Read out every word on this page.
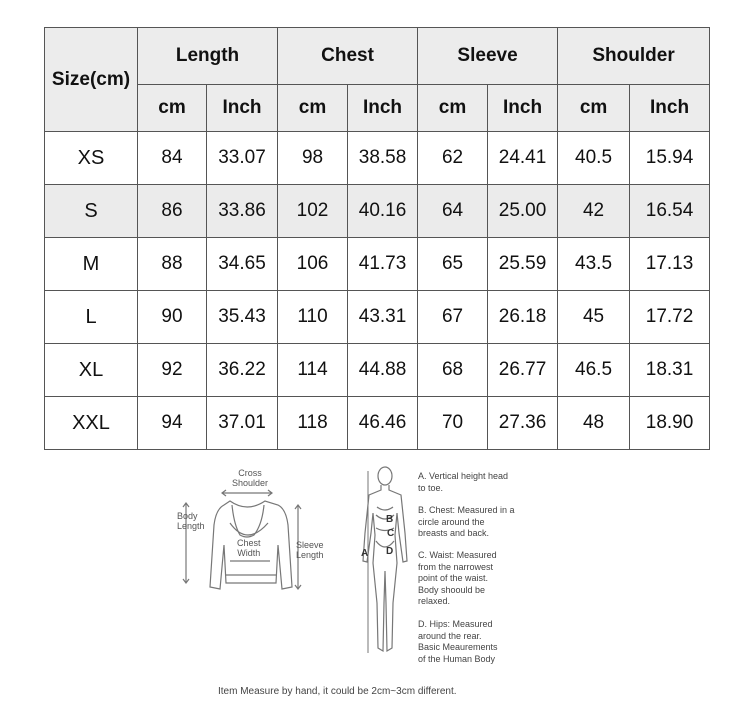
Size(cm)	Length		Chest		Sleeve		Shoulder	
	cm	Inch	cm	Inch	cm	Inch	cm	Inch
XS	84	33.07	98	38.58	62	24.41	40.5	15.94
S	86	33.86	102	40.16	64	25.00	42	16.54
M	88	34.65	106	41.73	65	25.59	43.5	17.13
L	90	35.43	110	43.31	67	26.18	45	17.72
XL	92	36.22	114	44.88	68	26.77	46.5	18.31
XXL	94	37.01	118	46.46	70	27.36	48	18.90
Cross
Shoulder
Body
Length
Chest
Width
Sleeve
Length	A
B
C
D
A. Vertical height head
to toe.
B. Chest: Measured in a
circle around the
breasts and back.
C. Waist: Measured
from the narrowest
point of the waist.
Body shoould be
relaxed.
D. Hips: Measured
around the rear.
Basic Meaurements
of the Human Body
Item Measure by hand, it could be 2cm~3cm different.
